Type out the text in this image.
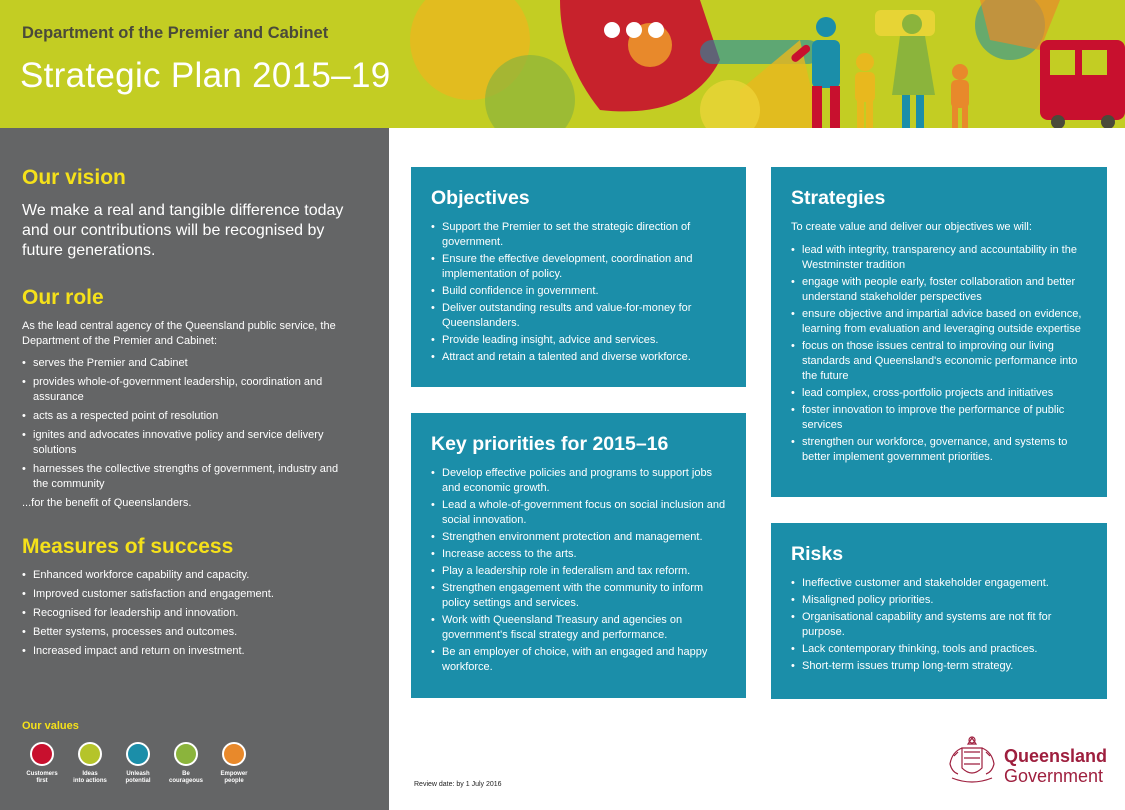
Department of the Premier and Cabinet
Strategic Plan 2015–19
Our vision

We make a real and tangible difference today and our contributions will be recognised by future generations.

Our role

As the lead central agency of the Queensland public service, the Department of the Premier and Cabinet:

• serves the Premier and Cabinet
• provides whole-of-government leadership, coordination and assurance
• acts as a respected point of resolution
• ignites and advocates innovative policy and service delivery solutions
• harnesses the collective strengths of government, industry and the community

...for the benefit of Queenslanders.

Measures of success
• Enhanced workforce capability and capacity.
• Improved customer satisfaction and engagement.
• Recognised for leadership and innovation.
• Better systems, processes and outcomes.
• Increased impact and return on investment.
Our values
Customers
first
Ideas
into actions
Unleash
potential
Be
courageous
Empower
people
Objectives
• Support the Premier to set the strategic direction of government.
• Ensure the effective development, coordination and implementation of policy.
• Build confidence in government.
• Deliver outstanding results and value-for-money for Queenslanders.
• Provide leading insight, advice and services.
• Attract and retain a talented and diverse workforce.
Key priorities for 2015–16
• Develop effective policies and programs to support jobs and economic growth.
• Lead a whole-of-government focus on social inclusion and social innovation.
• Strengthen environment protection and management.
• Increase access to the arts.
• Play a leadership role in federalism and tax reform.
• Strengthen engagement with the community to inform policy settings and services.
• Work with Queensland Treasury and agencies on government's fiscal strategy and performance.
• Be an employer of choice, with an engaged and happy workforce.
Strategies

To create value and deliver our objectives we will:

• lead with integrity, transparency and accountability in the Westminster tradition
• engage with people early, foster collaboration and better understand stakeholder perspectives
• ensure objective and impartial advice based on evidence, learning from evaluation and leveraging outside expertise
• focus on those issues central to improving our living standards and Queensland's economic performance into the future
• lead complex, cross-portfolio projects and initiatives
• foster innovation to improve the performance of public services
• strengthen our workforce, governance, and systems to better implement government priorities.
Risks
• Ineffective customer and stakeholder engagement.
• Misaligned policy priorities.
• Organisational capability and systems are not fit for purpose.
• Lack contemporary thinking, tools and practices.
• Short-term issues trump long-term strategy.
Review date: by 1 July 2016
Queensland
Government
